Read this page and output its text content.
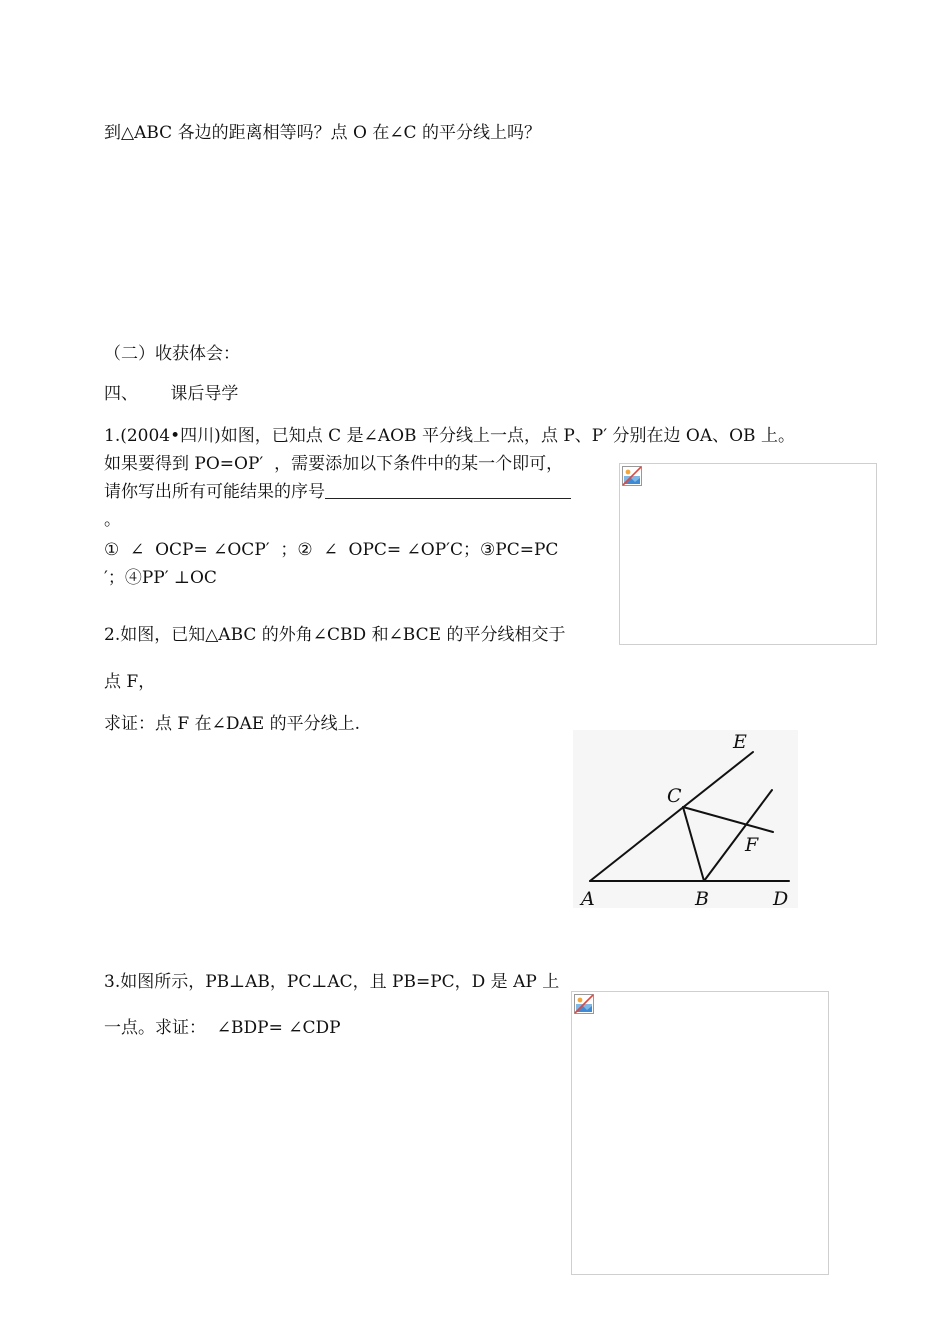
到△ABC 各边的距离相等吗？点 O 在∠C 的平分线上吗？
（二）收获体会：
四、      课后导学
1.(2004•四川)如图，已知点 C 是∠AOB 平分线上一点，点 P、P′ 分别在边 OA、OB 上。
如果要得到 PO=OP′  ，需要添加以下条件中的某一个即可，
请你写出所有可能结果的序号
。
①  ∠  OCP= ∠OCP′  ；②  ∠  OPC= ∠OP′C；③PC=PC
′；④PP′ ⊥OC
2.如图，已知△ABC 的外角∠CBD 和∠BCE 的平分线相交于
点 F，
求证：点 F 在∠DAE 的平分线上.
E
C
F
A	B	D
3.如图所示，PB⊥AB，PC⊥AC，且 PB=PC，D 是 AP 上
一点。求证：  ∠BDP= ∠CDP
